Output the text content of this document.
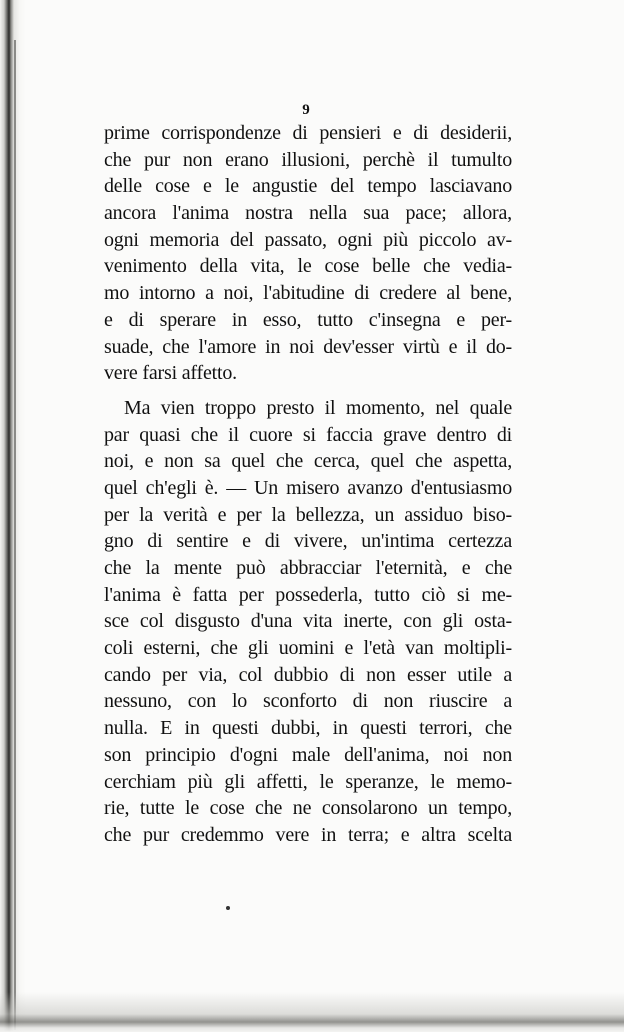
9
prime corrispondenze di pensieri e di desiderii,
che pur non erano illusioni, perchè il tumulto
delle cose e le angustie del tempo lasciavano
ancora l'anima nostra nella sua pace; allora,
ogni memoria del passato, ogni più piccolo av-
venimento della vita, le cose belle che vedia-
mo intorno a noi, l'abitudine di credere al bene,
e di sperare in esso, tutto c'insegna e per-
suade, che l'amore in noi dev'esser virtù e il do-
vere farsi affetto.
Ma vien troppo presto il momento, nel quale
par quasi che il cuore si faccia grave dentro di
noi, e non sa quel che cerca, quel che aspetta,
quel ch'egli è. — Un misero avanzo d'entusiasmo
per la verità e per la bellezza, un assiduo biso-
gno di sentire e di vivere, un'intima certezza
che la mente può abbracciar l'eternità, e che
l'anima è fatta per possederla, tutto ciò si me-
sce col disgusto d'una vita inerte, con gli osta-
coli esterni, che gli uomini e l'età van moltipli-
cando per via, col dubbio di non esser utile a
nessuno, con lo sconforto di non riuscire a
nulla. E in questi dubbi, in questi terrori, che
son principio d'ogni male dell'anima, noi non
cerchiam più gli affetti, le speranze, le memo-
rie, tutte le cose che ne consolarono un tempo,
che pur credemmo vere in terra; e altra scelta
